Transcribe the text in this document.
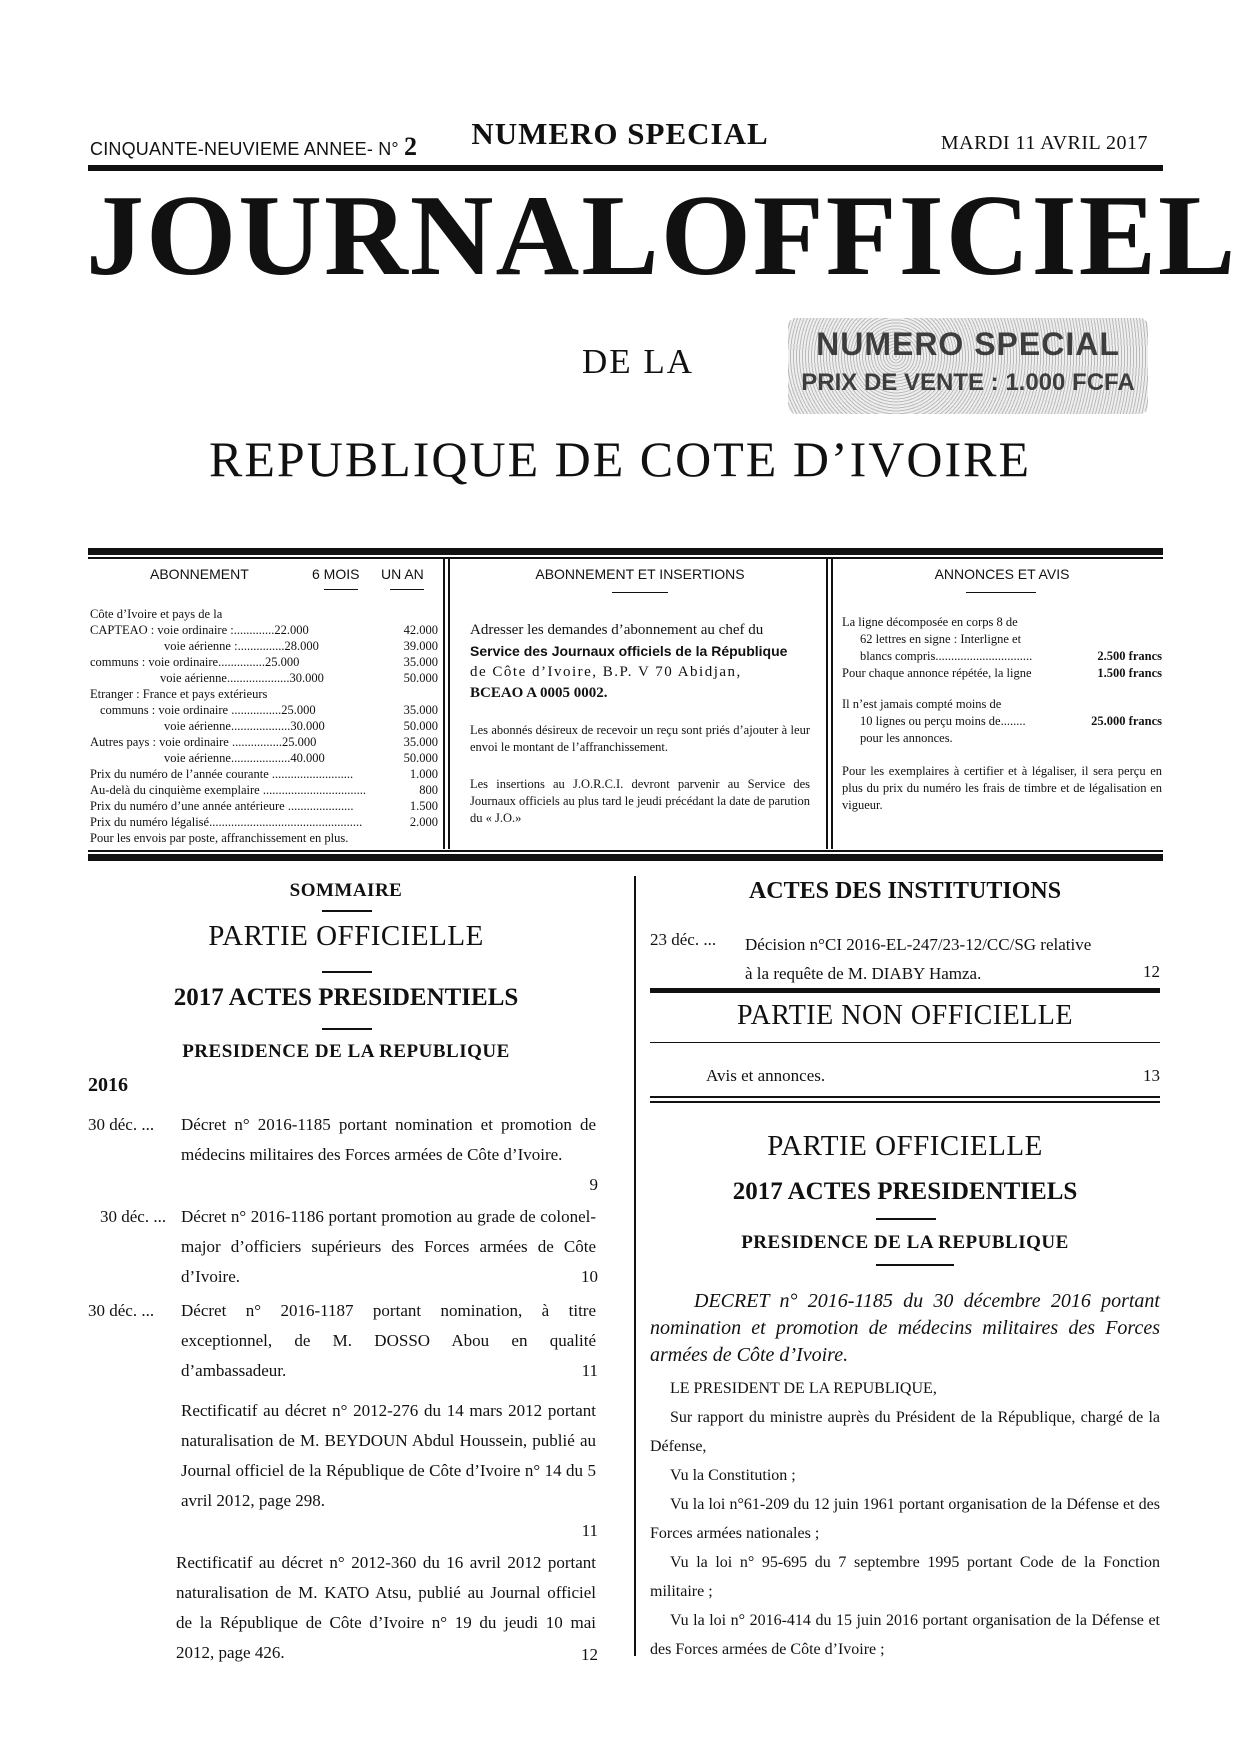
CINQUANTE-NEUVIEME ANNEE- N° 2	NUMERO SPECIAL	MARDI 11 AVRIL 2017
JOURNAL OFFICIEL
DE LA	NUMERO SPECIAL
PRIX DE VENTE : 1.000 FCFA
REPUBLIQUE DE COTE D’IVOIRE
ABONNEMENT	6 MOIS UN AN
Côte d’Ivoire et pays de la
CAPTEAO : voie ordinaire :.............22.000	42.000
voie aérienne :...............28.000	39.000
communs : voie ordinaire...............25.000	35.000
voie aérienne....................30.000	50.000
Etranger : France et pays extérieurs
communs : voie ordinaire ................25.000	35.000
voie aérienne...................30.000	50.000
Autres pays : voie ordinaire ................25.000	35.000
voie aérienne...................40.000	50.000
Prix du numéro de l’année courante ..........................	1.000
Au-delà du cinquième exemplaire .................................	800
Prix du numéro d’une année antérieure .....................	1.500
Prix du numéro légalisé.................................................	2.000
Pour les envois par poste, affranchissement en plus.
ABONNEMENT ET INSERTIONS
Adresser les demandes d’abonnement au chef du
Service des Journaux officiels de la République
de Côte d’Ivoire, B.P. V 70 Abidjan,
BCEAO A 0005 0002.
Les abonnés désireux de recevoir un reçu sont priés d’ajouter à leur envoi le montant de l’affranchissement.
Les insertions au J.O.R.C.I. devront parvenir au Service des Journaux officiels au plus tard le jeudi précédant la date de parution du « J.O.»
ANNONCES ET AVIS
La ligne décomposée en corps 8 de
62 lettres en signe : Interligne et
blancs compris...............................	2.500 francs
Pour chaque annonce répétée, la ligne	1.500 francs
Il n’est jamais compté moins de
10 lignes ou perçu moins de........	25.000 francs
pour les annonces.
Pour les exemplaires à certifier et à légaliser, il sera perçu en plus du prix du numéro les frais de timbre et de légalisation en vigueur.
SOMMAIRE
PARTIE OFFICIELLE
2017 ACTES PRESIDENTIELS
PRESIDENCE DE LA REPUBLIQUE
2016
30 déc. ... Décret n° 2016-1185 portant nomination et promotion de médecins militaires des Forces armées de Côte d’Ivoire.
9
30 déc. ... Décret n° 2016-1186 portant promotion au grade de colonel-major d’officiers supérieurs des Forces armées de Côte d’Ivoire.	10
30 déc. ... Décret n° 2016-1187 portant nomination, à titre exceptionnel, de M. DOSSO Abou en qualité d’ambassadeur.	11
Rectificatif au décret n° 2012-276 du 14 mars 2012 portant naturalisation de M. BEYDOUN Abdul Houssein, publié au Journal officiel de la République de Côte d’Ivoire n° 14 du 5 avril 2012, page 298.
11
Rectificatif au décret n° 2012-360 du 16 avril 2012 portant naturalisation de M. KATO Atsu, publié au Journal officiel de la République de Côte d’Ivoire n° 19 du jeudi 10 mai 2012, page 426.	12
ACTES DES INSTITUTIONS
23 déc. ... Décision n°CI 2016-EL-247/23-12/CC/SG relative
à la requête de M. DIABY Hamza.	12
PARTIE NON OFFICIELLE
Avis et annonces.	13
PARTIE OFFICIELLE
2017 ACTES PRESIDENTIELS
PRESIDENCE DE LA REPUBLIQUE
DECRET n° 2016-1185 du 30 décembre 2016 portant nomination et promotion de médecins militaires des Forces armées de Côte d’Ivoire.
LE PRESIDENT DE LA REPUBLIQUE,
Sur rapport du ministre auprès du Président de la République, chargé de la Défense,
Vu la Constitution ;
Vu la loi n°61-209 du 12 juin 1961 portant organisation de la Défense et des Forces armées nationales ;
Vu la loi n° 95-695 du 7 septembre 1995 portant Code de la Fonction militaire ;
Vu la loi n° 2016-414 du 15 juin 2016 portant organisation de la Défense et des Forces armées de Côte d’Ivoire ;
